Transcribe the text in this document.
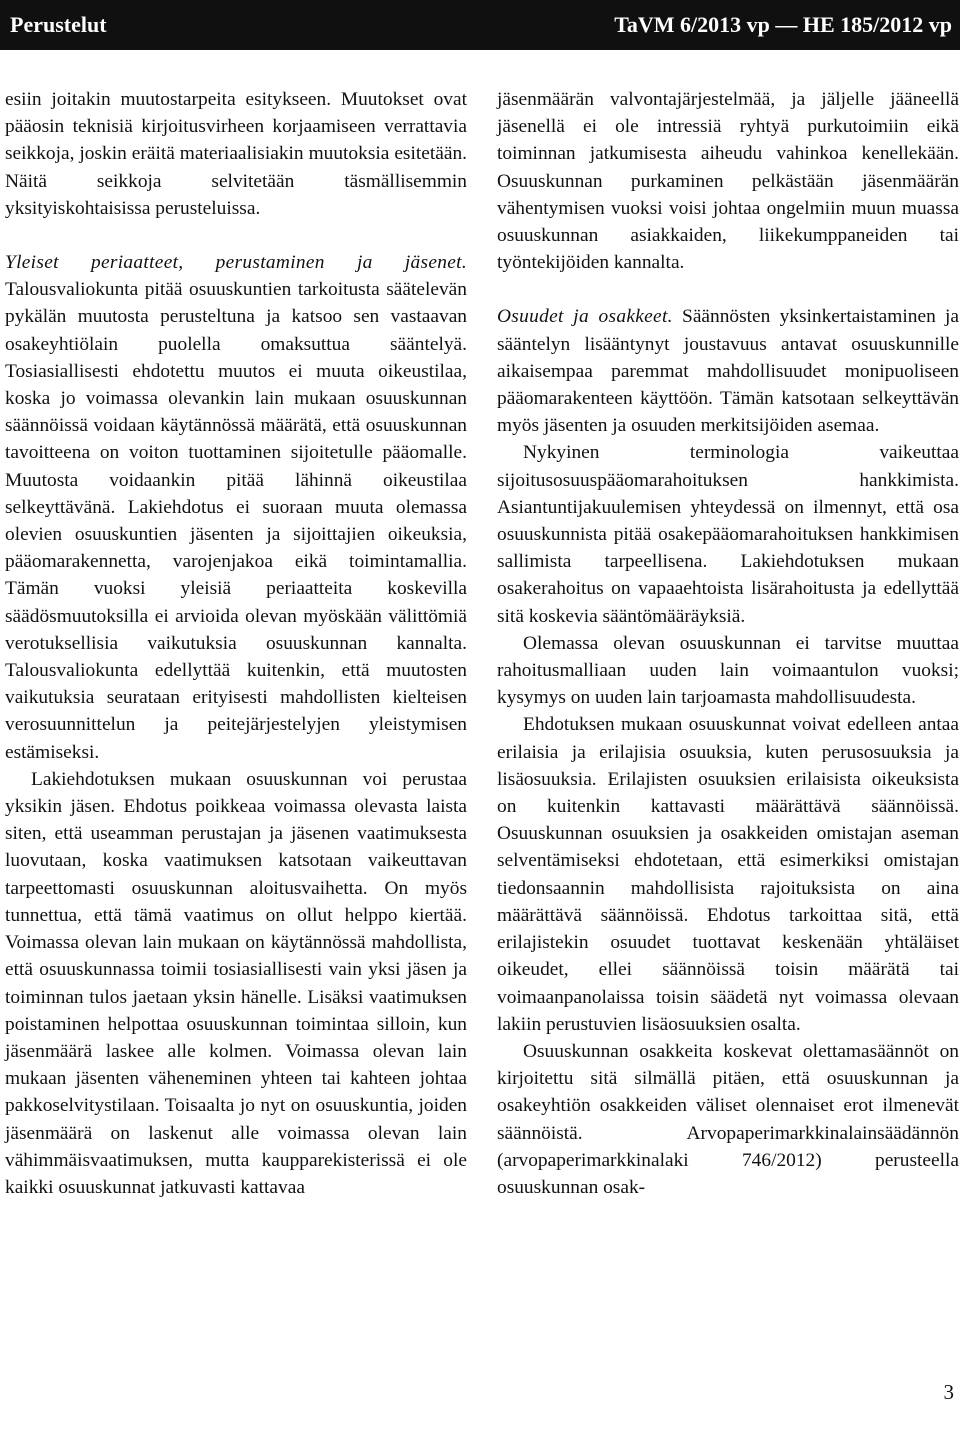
Perustelut	TaVM 6/2013 vp — HE 185/2012 vp

esiin joitakin muutostarpeita esitykseen. Muutokset ovat pääosin teknisiä kirjoitusvirheen korjaamiseen verrattavia seikkoja, joskin eräitä materiaalisiakin muutoksia esitetään. Näitä seikkoja selvitetään täsmällisemmin yksityiskohtaisissa perusteluissa.

Yleiset periaatteet, perustaminen ja jäsenet. Talousvaliokunta pitää osuuskuntien tarkoitusta säätelevän pykälän muutosta perusteltuna ja katsoo sen vastaavan osakeyhtiölain puolella omaksuttua sääntelyä. Tosiasiallisesti ehdotettu muutos ei muuta oikeustilaa, koska jo voimassa olevankin lain mukaan osuuskunnan säännöissä voidaan käytännössä määrätä, että osuuskunnan tavoitteena on voiton tuottaminen sijoitetulle pääomalle. Muutosta voidaankin pitää lähinnä oikeustilaa selkeyttävänä. Lakiehdotus ei suoraan muuta olemassa olevien osuuskuntien jäsenten ja sijoittajien oikeuksia, pääomarakennetta, varojenjakoa eikä toimintamallia. Tämän vuoksi yleisiä periaatteita koskevilla säädösmuutoksilla ei arvioida olevan myöskään välittömiä verotuksellisia vaikutuksia osuuskunnan kannalta. Talousvaliokunta edellyttää kuitenkin, että muutosten vaikutuksia seurataan erityisesti mahdollisten kielteisen verosuunnittelun ja peitejärjestelyjen yleistymisen estämiseksi.

Lakiehdotuksen mukaan osuuskunnan voi perustaa yksikin jäsen. Ehdotus poikkeaa voimassa olevasta laista siten, että useamman perustajan ja jäsenen vaatimuksesta luovutaan, koska vaatimuksen katsotaan vaikeuttavan tarpeettomasti osuuskunnan aloitusvaihetta. On myös tunnettua, että tämä vaatimus on ollut helppo kiertää. Voimassa olevan lain mukaan on käytännössä mahdollista, että osuuskunnassa toimii tosiasiallisesti vain yksi jäsen ja toiminnan tulos jaetaan yksin hänelle. Lisäksi vaatimuksen poistaminen helpottaa osuuskunnan toimintaa silloin, kun jäsenmäärä laskee alle kolmen. Voimassa olevan lain mukaan jäsenten väheneminen yhteen tai kahteen johtaa pakkoselvitystilaan. Toisaalta jo nyt on osuuskuntia, joiden jäsenmäärä on laskenut alle voimassa olevan lain vähimmäisvaatimuksen, mutta kaupparekisterissä ei ole kaikki osuuskunnat jatkuvasti kattavaa

jäsenmäärän valvontajärjestelmää, ja jäljelle jääneellä jäsenellä ei ole intressiä ryhtyä purkutoimiin eikä toiminnan jatkumisesta aiheudu vahinkoa kenellekään. Osuuskunnan purkaminen pelkästään jäsenmäärän vähentymisen vuoksi voisi johtaa ongelmiin muun muassa osuuskunnan asiakkaiden, liikekumppaneiden tai työntekijöiden kannalta.

Osuudet ja osakkeet. Säännösten yksinkertaistaminen ja sääntelyn lisääntynyt joustavuus antavat osuuskunnille aikaisempaa paremmat mahdollisuudet monipuoliseen pääomarakenteen käyttöön. Tämän katsotaan selkeyttävän myös jäsenten ja osuuden merkitsijöiden asemaa.

Nykyinen terminologia vaikeuttaa sijoitusosuuspääomarahoituksen hankkimista. Asiantuntijakuulemisen yhteydessä on ilmennyt, että osa osuuskunnista pitää osakepääomarahoituksen hankkimisen sallimista tarpeellisena. Lakiehdotuksen mukaan osakerahoitus on vapaaehtoista lisärahoitusta ja edellyttää sitä koskevia sääntömääräyksiä.

Olemassa olevan osuuskunnan ei tarvitse muuttaa rahoitusmalliaan uuden lain voimaantulon vuoksi; kysymys on uuden lain tarjoamasta mahdollisuudesta.

Ehdotuksen mukaan osuuskunnat voivat edelleen antaa erilaisia ja erilajisia osuuksia, kuten perusosuuksia ja lisäosuuksia. Erilajisten osuuksien erilaisista oikeuksista on kuitenkin kattavasti määrättävä säännöissä. Osuuskunnan osuuksien ja osakkeiden omistajan aseman selventämiseksi ehdotetaan, että esimerkiksi omistajan tiedonsaannin mahdollisista rajoituksista on aina määrättävä säännöissä. Ehdotus tarkoittaa sitä, että erilajistekin osuudet tuottavat keskenään yhtäläiset oikeudet, ellei säännöissä toisin määrätä tai voimaanpanolaissa toisin säädetä nyt voimassa olevaan lakiin perustuvien lisäosuuksien osalta.

Osuuskunnan osakkeita koskevat olettamasäännöt on kirjoitettu sitä silmällä pitäen, että osuuskunnan ja osakeyhtiön osakkeiden väliset olennaiset erot ilmenevät säännöistä. Arvopaperimarkkinalainsäädännön (arvopaperimarkkinalaki 746/2012) perusteella osuuskunnan osak-

3
